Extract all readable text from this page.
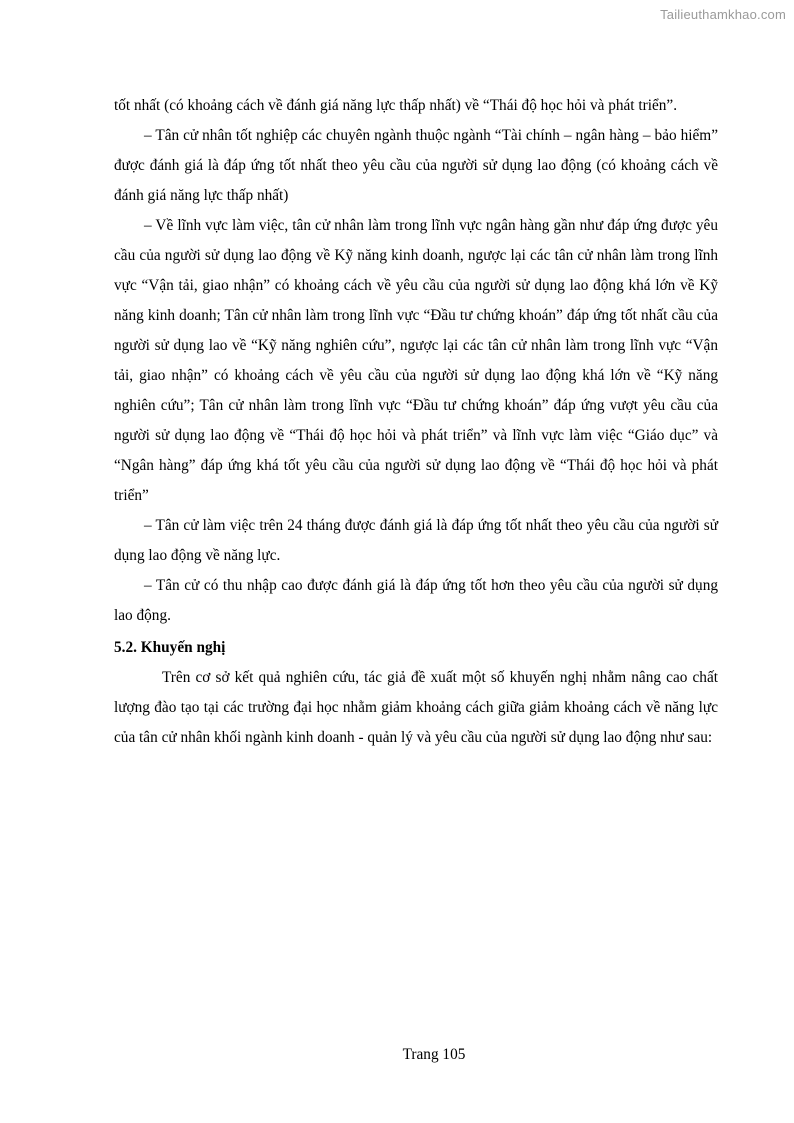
Tailieuthamkhao.com

tốt nhất (có khoảng cách về đánh giá năng lực thấp nhất) về “Thái độ học hỏi và phát triển”.

– Tân cử nhân tốt nghiệp các chuyên ngành thuộc ngành “Tài chính – ngân hàng – bảo hiểm” được đánh giá là đáp ứng tốt nhất theo yêu cầu của người sử dụng lao động (có khoảng cách về đánh giá năng lực thấp nhất)

– Về lĩnh vực làm việc, tân cử nhân làm trong lĩnh vực ngân hàng gần như đáp ứng được yêu cầu của người sử dụng lao động về Kỹ năng kinh doanh, ngược lại các tân cử nhân làm trong lĩnh vực “Vận tải, giao nhận” có khoảng cách về yêu cầu của người sử dụng lao động khá lớn về Kỹ năng kinh doanh; Tân cử nhân làm trong lĩnh vực “Đầu tư chứng khoán” đáp ứng tốt nhất cầu của người sử dụng lao về “Kỹ năng nghiên cứu”, ngược lại các tân cử nhân làm trong lĩnh vực “Vận tải, giao nhận” có khoảng cách về yêu cầu của người sử dụng lao động khá lớn về “Kỹ năng nghiên cứu”; Tân cử nhân làm trong lĩnh vực “Đầu tư chứng khoán” đáp ứng vượt yêu cầu của người sử dụng lao động về “Thái độ học hỏi và phát triển” và lĩnh vực làm việc “Giáo dục” và “Ngân hàng” đáp ứng khá tốt yêu cầu của người sử dụng lao động về “Thái độ học hỏi và phát triển”

– Tân cử làm việc trên 24 tháng được đánh giá là đáp ứng tốt nhất theo yêu cầu của người sử dụng lao động về năng lực.

– Tân cử có thu nhập cao được đánh giá là đáp ứng tốt hơn theo yêu cầu của người sử dụng lao động.

5.2. Khuyến nghị

Trên cơ sở kết quả nghiên cứu, tác giả đề xuất một số khuyến nghị nhằm nâng cao chất lượng đào tạo tại các trường đại học nhằm giảm khoảng cách giữa giảm khoảng cách về năng lực của tân cử nhân khối ngành kinh doanh - quản lý và yêu cầu của người sử dụng lao động như sau:

Trang 105
